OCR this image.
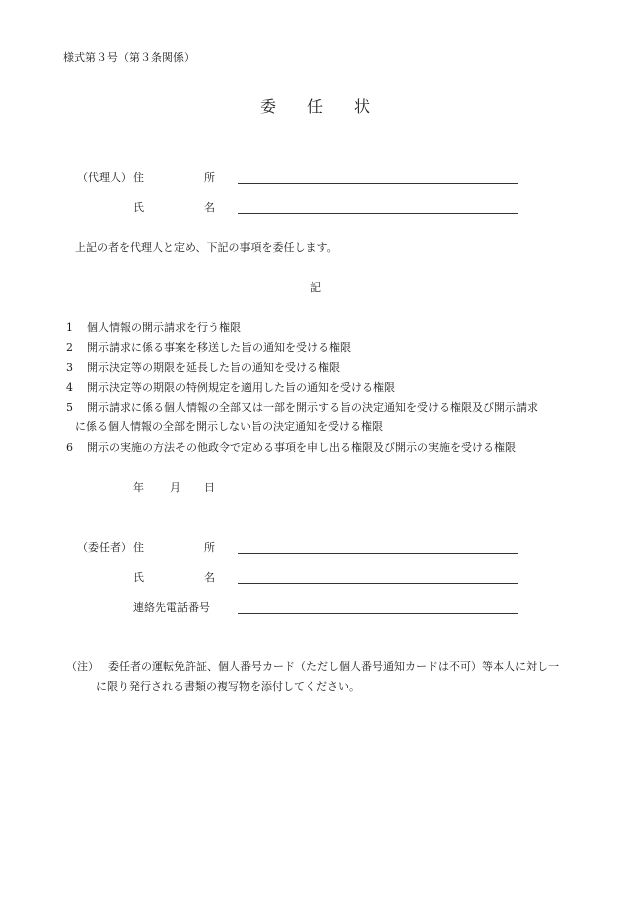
様式第３号（第３条関係）
委 任 状
（代理人） 住	所
氏	名
上記の者を代理人と定め、下記の事項を委任します。
記
1 個人情報の開示請求を行う権限
2 開示請求に係る事案を移送した旨の通知を受ける権限
3 開示決定等の期限を延長した旨の通知を受ける権限
4 開示決定等の期限の特例規定を適用した旨の通知を受ける権限
5 開示請求に係る個人情報の全部又は一部を開示する旨の決定通知を受ける権限及び開示請求
に係る個人情報の全部を開示しない旨の決定通知を受ける権限
6 開示の実施の方法その他政令で定める事項を申し出る権限及び開示の実施を受ける権限
年 月 日
（委任者） 住	所
氏	名
連絡先電話番号
（注） 委任者の運転免許証、個人番号カード（ただし個人番号通知カードは不可）等本人に対し一
に限り発行される書類の複写物を添付してください。
